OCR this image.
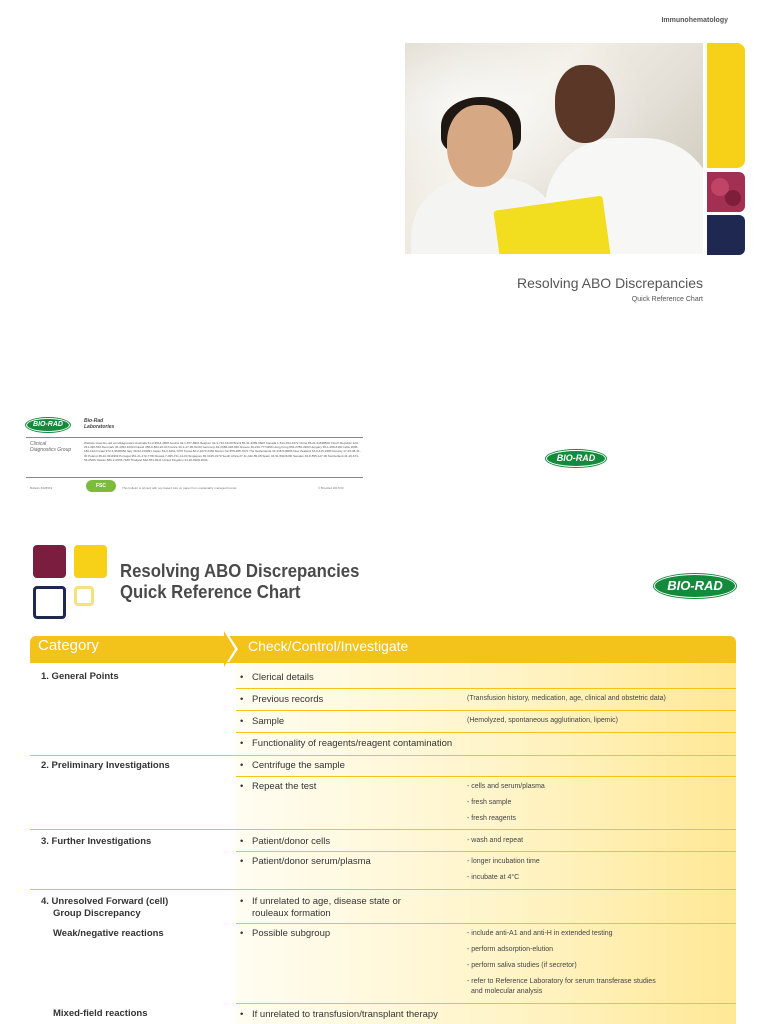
Immunohematology
Resolving ABO Discrepancies
Quick Reference Chart
BIO-RAD	Bio-Rad
Laboratories
Clinical
Diagnostics Group
Website www.bio-rad.com/diagnostics Australia 61-2-9914-2800 Austria 43-1-877-8901 Belgium 32-3-710-53-00 Brazil 55-31-3689-6600 Canada 1-514-334-4372 China 86-21-61698500 Czech Republic 420-241-430-532 Denmark 45-4452-1000 Finland 358-9-804-22-00 France 33-1-47-95-60-00 Germany 49-(0)89-318-840 Greece 30-210-7774396 Hong Kong 852-2789-3300 Hungary 36-1-459-6100 India 1800-180-1224 Israel 972-3-9636050 Italy 39-02-216091 Japan 81-3-6361-7070 Korea 82-2-3473-4460 Mexico 52-555-488-7670 The Netherlands 31-318-540666 New Zealand 64-9-415-2280 Norway 47-23-38-41-30 Poland 48-22-3311999 Portugal 351-21-472-7700 Russia 7-495-721-14-04 Singapore 65-6415-3170 South Africa 27-11-442-85-08 Spain 34-91-590-5200 Sweden 46-8-555-127-00 Switzerland 41-26-674-55-05/06 Taiwan 886-2-2578-7189 Thailand 662-651-8311 United Kingdom 44-20-8328-2000
Bulletin 6026519	FSC	This bulletin is printed with soy-based inks on paper from sustainably managed forests	© Bio-Rad 2017/03
BIO-RAD
Resolving ABO Discrepancies
Quick Reference Chart	BIO-RAD
Category	Check/Control/Investigate
1. General Points	• Clerical details
• Previous records	(Transfusion history, medication, age, clinical and obstetric data)
• Sample	(Hemolyzed, spontaneous agglutination, lipemic)
• Functionality of reagents/reagent contamination
2. Preliminary Investigations	• Centrifuge the sample
• Repeat the test	- cells and serum/plasma
- fresh sample
- fresh reagents
3. Further Investigations	• Patient/donor cells	- wash and repeat
• Patient/donor serum/plasma	- longer incubation time
- incubate at 4°C
4. Unresolved Forward (cell)
Group Discrepancy
• If unrelated to age, disease state or
rouleaux formation
Weak/negative reactions	• Possible subgroup	- include anti-A1 and anti-H in extended testing
- perform adsorption-elution
- perform saliva studies (if secretor)
- refer to Reference Laboratory for serum transferase studies
and molecular analysis
Mixed-field reactions	• If unrelated to transfusion/transplant therapy
